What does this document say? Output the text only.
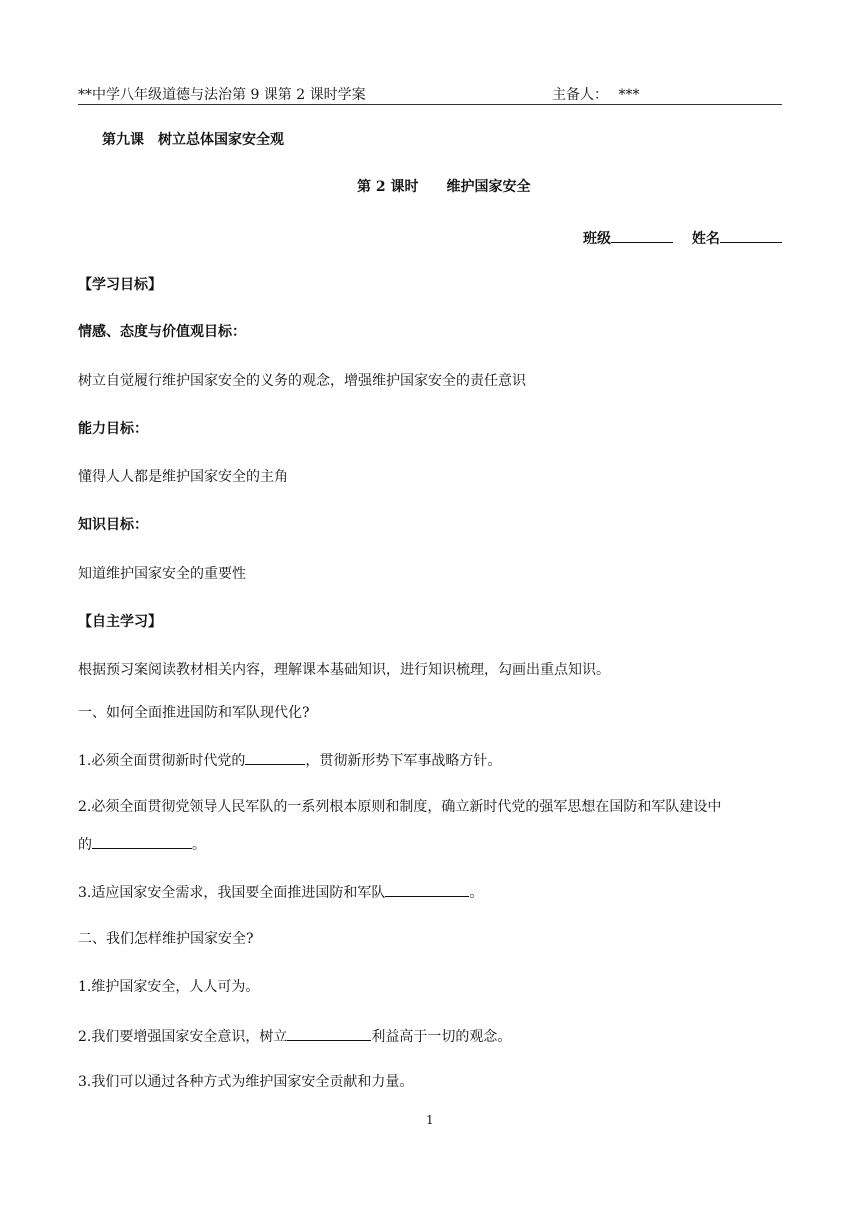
**中学八年级道德与法治第 9 课第 2 课时学案	主备人： ***
第九课　树立总体国家安全观
第 2 课时　　维护国家安全
班级	姓名
【学习目标】
情感、态度与价值观目标：
树立自觉履行维护国家安全的义务的观念，增强维护国家安全的责任意识
能力目标：
懂得人人都是维护国家安全的主角
知识目标：
知道维护国家安全的重要性
【自主学习】
根据预习案阅读教材相关内容，理解课本基础知识，进行知识梳理，勾画出重点知识。
一、如何全面推进国防和军队现代化?
1.必须全面贯彻新时代党的	，贯彻新形势下军事战略方针。
2.必须全面贯彻党领导人民军队的一系列根本原则和制度，确立新时代党的强军思想在国防和军队建设中
的	。
3.适应国家安全需求，我国要全面推进国防和军队	。
二、我们怎样维护国家安全?
1.维护国家安全，人人可为。
2.我们要增强国家安全意识，树立	利益高于一切的观念。
3.我们可以通过各种方式为维护国家安全贡献和力量。
1
